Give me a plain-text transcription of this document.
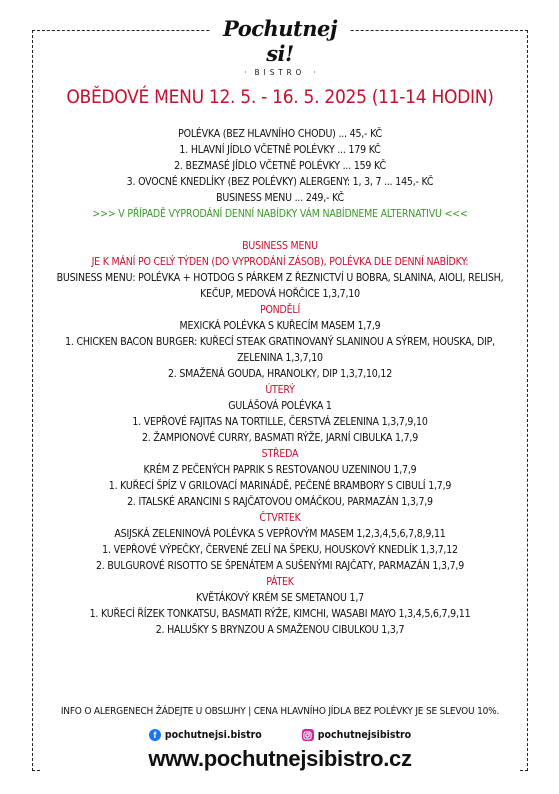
Pochutnej si!
· BISTRO ·
OBĚDOVÉ MENU 12. 5. - 16. 5. 2025 (11-14 HODIN)
POLÉVKA (BEZ HLAVNÍHO CHODU) ... 45,- KČ
1. HLAVNÍ JÍDLO VČETNĚ POLÉVKY ... 179 KČ
2. BEZMASÉ JÍDLO VČETNĚ POLÉVKY ... 159 KČ
3. OVOCNÉ KNEDLÍKY (BEZ POLÉVKY) ALERGENY: 1, 3, 7 ... 145,- KČ
BUSINESS MENU ... 249,- KČ
>>> V PŘÍPADĚ VYPRODÁNÍ DENNÍ NABÍDKY VÁM NABÍDNEME ALTERNATIVU <<<
BUSINESS MENU
JE K MÁNÍ PO CELÝ TÝDEN (DO VYPRODÁNÍ ZÁSOB), POLÉVKA DLE DENNÍ NABÍDKY:
BUSINESS MENU: POLÉVKA + HOTDOG S PÁRKEM Z ŘEZNICTVÍ U BOBRA, SLANINA, AIOLI, RELISH, KEČUP, MEDOVÁ HOŘČICE 1,3,7,10
PONDĚLÍ
MEXICKÁ POLÉVKA S KUŘECÍM MASEM 1,7,9
1. CHICKEN BACON BURGER: KUŘECÍ STEAK GRATINOVANÝ SLANINOU A SÝREM, HOUSKA, DIP, ZELENINA 1,3,7,10
2. SMAŽENÁ GOUDA, HRANOLKY, DIP 1,3,7,10,12
ÚTERÝ
GULÁŠOVÁ POLÉVKA 1
1. VEPŘOVÉ FAJITAS NA TORTILLE, ČERSTVÁ ZELENINA 1,3,7,9,10
2. ŽAMPIONOVÉ CURRY, BASMATI RÝŽE, JARNÍ CIBULKA 1,7,9
STŘEDA
KRÉM Z PEČENÝCH PAPRIK S RESTOVANOU UZENINOU 1,7,9
1. KUŘECÍ ŠPÍZ V GRILOVACÍ MARINÁDĚ, PEČENÉ BRAMBORY S CIBULÍ 1,7,9
2. ITALSKÉ ARANCINI S RAJČATOVOU OMÁČKOU, PARMAZÁN 1,3,7,9
ČTVRTEK
ASIJSKÁ ZELENINOVÁ POLÉVKA S VEPŘOVÝM MASEM 1,2,3,4,5,6,7,8,9,11
1. VEPŘOVÉ VÝPEČKY, ČERVENÉ ZELÍ NA ŠPEKU, HOUSKOVÝ KNEDLÍK 1,3,7,12
2. BULGUROVÉ RISOTTO SE ŠPENÁTEM A SUŠENÝMI RAJČATY, PARMAZÁN 1,3,7,9
PÁTEK
KVĚTÁKOVÝ KRÉM SE SMETANOU 1,7
1. KUŘECÍ ŘÍZEK TONKATSU, BASMATI RÝŽE, KIMCHI, WASABI MAYO 1,3,4,5,6,7,9,11
2. HALUŠKY S BRYNZOU A SMAŽENOU CIBULKOU 1,3,7
INFO O ALERGENECH ŽÁDEJTE U OBSLUHY | CENA HLAVNÍHO JÍDLA BEZ POLÉVKY JE SE SLEVOU 10%.
f pochutnejsi.bistro	pochutnejsibistro
www.pochutnejsibistro.cz
